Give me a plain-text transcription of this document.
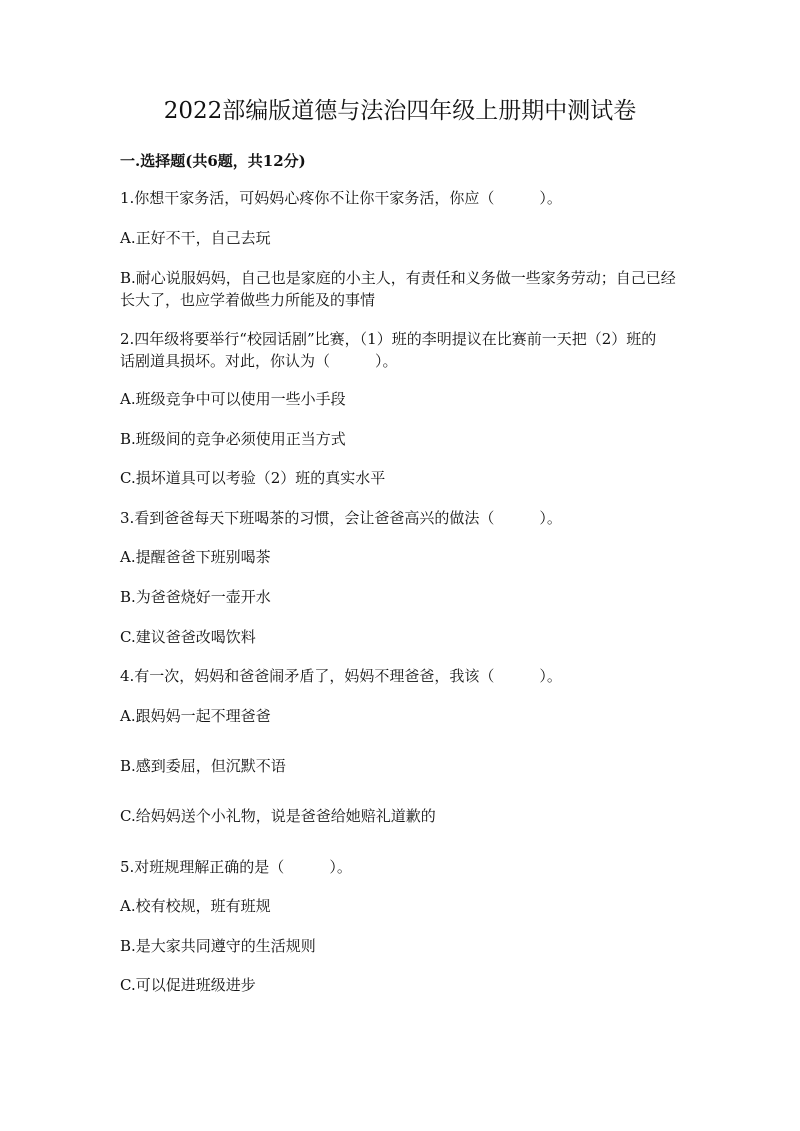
2022部编版道德与法治四年级上册期中测试卷
一.选择题(共6题，共12分)
1.你想干家务活，可妈妈心疼你不让你干家务活，你应（　　　）。
A.正好不干，自己去玩
B.耐心说服妈妈，自己也是家庭的小主人，有责任和义务做一些家务劳动；自己已经长大了，也应学着做些力所能及的事情
2.四年级将要举行“校园话剧”比赛，（1）班的李明提议在比赛前一天把（2）班的话剧道具损坏。对此，你认为（　　　）。
A.班级竞争中可以使用一些小手段
B.班级间的竞争必须使用正当方式
C.损坏道具可以考验（2）班的真实水平
3.看到爸爸每天下班喝茶的习惯，会让爸爸高兴的做法（　　　）。
A.提醒爸爸下班别喝茶
B.为爸爸烧好一壶开水
C.建议爸爸改喝饮料
4.有一次，妈妈和爸爸闹矛盾了，妈妈不理爸爸，我该（　　　）。
A.跟妈妈一起不理爸爸
B.感到委屈，但沉默不语
C.给妈妈送个小礼物，说是爸爸给她赔礼道歉的
5.对班规理解正确的是（　　　）。
A.校有校规，班有班规
B.是大家共同遵守的生活规则
C.可以促进班级进步
